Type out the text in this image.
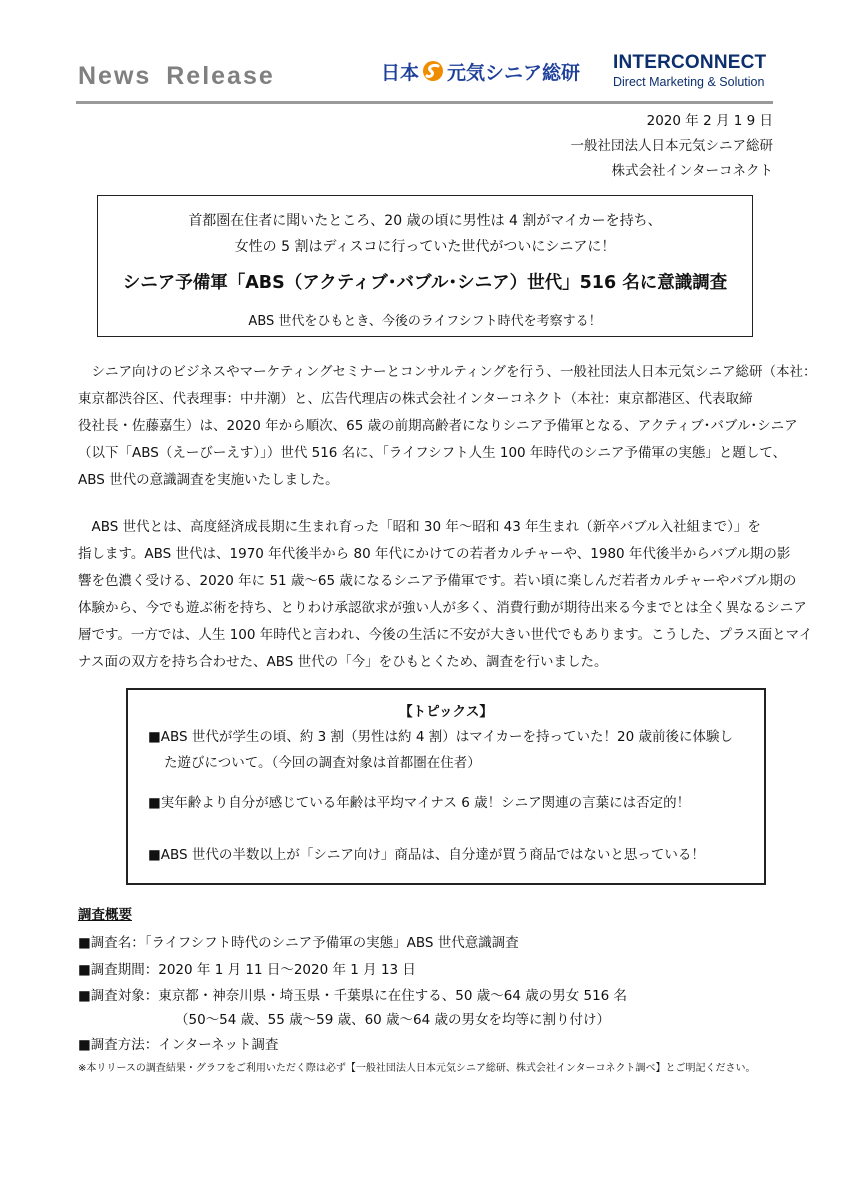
News Release	日本 元気シニア総研 INTERCONNECT
Direct Marketing & Solution
2020 年 2 月 1 9 日
一般社団法人日本元気シニア総研
株式会社インターコネクト
首都圏在住者に聞いたところ、20 歳の頃に男性は 4 割がマイカーを持ち、
女性の 5 割はディスコに行っていた世代がついにシニアに！
シニア予備軍「ABS（アクティブ･バブル･シニア）世代」516 名に意識調査
ABS 世代をひもとき、今後のライフシフト時代を考察する！
　シニア向けのビジネスやマーケティングセミナーとコンサルティングを行う、一般社団法人日本元気シニア総研（本社：
東京都渋谷区、代表理事：中井潮）と、広告代理店の株式会社インターコネクト（本社：東京都港区、代表取締
役社長・佐藤嘉生）は、2020 年から順次、65 歳の前期高齢者になりシニア予備軍となる、アクティブ･バブル･シニア
（以下「ABS（えーびーえす）」）世代 516 名に、「ライフシフト人生 100 年時代のシニア予備軍の実態」と題して、
ABS 世代の意識調査を実施いたしました。
　ABS 世代とは、高度経済成長期に生まれ育った「昭和 30 年～昭和 43 年生まれ（新卒バブル入社組まで）」を
指します。ABS 世代は、1970 年代後半から 80 年代にかけての若者カルチャーや、1980 年代後半からバブル期の影
響を色濃く受ける、2020 年に 51 歳～65 歳になるシニア予備軍です。若い頃に楽しんだ若者カルチャーやバブル期の
体験から、今でも遊ぶ術を持ち、とりわけ承認欲求が強い人が多く、消費行動が期待出来る今までとは全く異なるシニア
層です。一方では、人生 100 年時代と言われ、今後の生活に不安が大きい世代でもあります。こうした、プラス面とマイ
ナス面の双方を持ち合わせた、ABS 世代の「今」をひもとくため、調査を行いました。
【トピックス】
■ABS 世代が学生の頃、約 3 割（男性は約 4 割）はマイカーを持っていた！20 歳前後に体験し
た遊びについて。（今回の調査対象は首都圏在住者）
■実年齢より自分が感じている年齢は平均マイナス 6 歳！シニア関連の言葉には否定的！
■ABS 世代の半数以上が「シニア向け」商品は、自分達が買う商品ではないと思っている！
調査概要
■調査名：「ライフシフト時代のシニア予備軍の実態」ABS 世代意識調査
■調査期間：2020 年 1 月 11 日～2020 年 1 月 13 日
■調査対象：東京都・神奈川県・埼玉県・千葉県に在住する、50 歳～64 歳の男女 516 名
（50～54 歳、55 歳～59 歳、60 歳～64 歳の男女を均等に割り付け）
■調査方法：インターネット調査
※本リリースの調査結果・グラフをご利用いただく際は必ず【一般社団法人日本元気シニア総研、株式会社インターコネクト調べ】とご明記ください。
